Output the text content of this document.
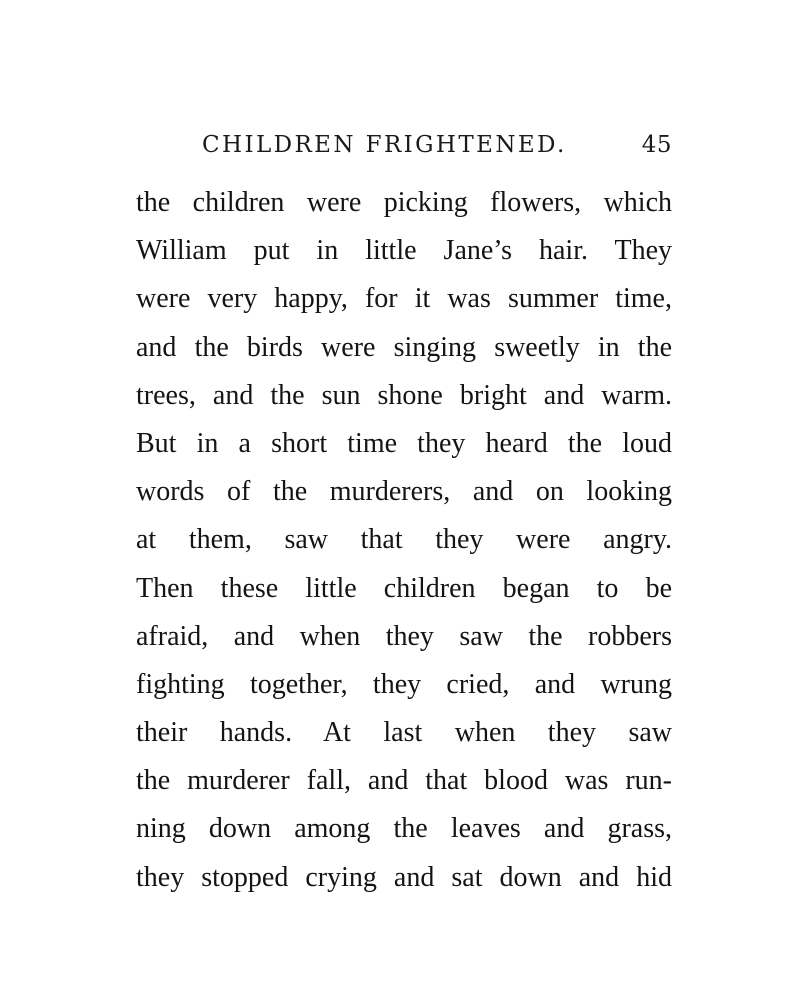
CHILDREN FRIGHTENED.	45
the children were picking flowers, which
William put in little Jane’s hair. They
were very happy, for it was summer time,
and the birds were singing sweetly in the
trees, and the sun shone bright and warm.
But in a short time they heard the loud
words of the murderers, and on looking
at them, saw that they were angry.
Then these little children began to be
afraid, and when they saw the robbers
fighting together, they cried, and wrung
their hands. At last when they saw
the murderer fall, and that blood was run-
ning down among the leaves and grass,
they stopped crying and sat down and hid
